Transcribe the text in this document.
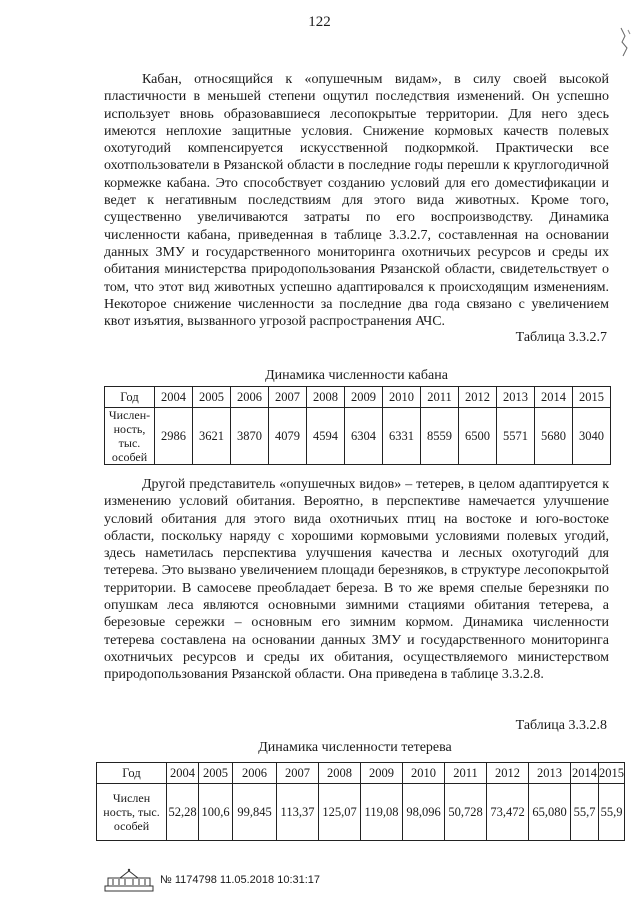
122

Кабан, относящийся к «опушечным видам», в силу своей высокой пластичности в меньшей степени ощутил последствия изменений. Он успешно использует вновь образовавшиеся лесопокрытые территории. Для него здесь имеются неплохие защитные условия. Снижение кормовых качеств полевых охотугодий компенсируется искусственной подкормкой. Практически все охотпользователи в Рязанской области в последние годы перешли к круглогодичной кормежке кабана. Это способствует созданию условий для его доместификации и ведет к негативным последствиям для этого вида животных. Кроме того, существенно увеличиваются затраты по его воспроизводству. Динамика численности кабана, приведенная в таблице 3.3.2.7, составленная на основании данных ЗМУ и государственного мониторинга охотничьих ресурсов и среды их обитания министерства природопользования Рязанской области, свидетельствует о том, что этот вид животных успешно адаптировался к происходящим изменениям. Некоторое снижение численности за последние два года связано с увеличением квот изъятия, вызванного угрозой распространения АЧС.

Таблица 3.3.2.7
Динамика численности кабана
Год	2004	2005	2006	2007	2008	2009	2010	2011	2012	2013	2014	2015
Числен-ность, тыс. особей	2986	3621	3870	4079	4594	6304	6331	8559	6500	5571	5680	3040

Другой представитель «опушечных видов» – тетерев, в целом адаптируется к изменению условий обитания. Вероятно, в перспективе намечается улучшение условий обитания для этого вида охотничьих птиц на востоке и юго-востоке области, поскольку наряду с хорошими кормовыми условиями полевых угодий, здесь наметилась перспектива улучшения качества и лесных охотугодий для тетерева. Это вызвано увеличением площади березняков, в структуре лесопокрытой территории. В самосеве преобладает береза. В то же время спелые березняки по опушкам леса являются основными зимними стациями обитания тетерева, а березовые сережки – основным его зимним кормом. Динамика численности тетерева составлена на основании данных ЗМУ и государственного мониторинга охотничьих ресурсов и среды их обитания, осуществляемого министерством природопользования Рязанской области. Она приведена в таблице 3.3.2.8.

Таблица 3.3.2.8
Динамика численности тетерева
Год	2004	2005	2006	2007	2008	2009	2010	2011	2012	2013	2014	2015
Числен ность, тыс. особей	52,28	100,6	99,845	113,37	125,07	119,08	98,096	50,728	73,472	65,080	55,7	55,9
№ 1174798 11.05.2018 10:31:17
